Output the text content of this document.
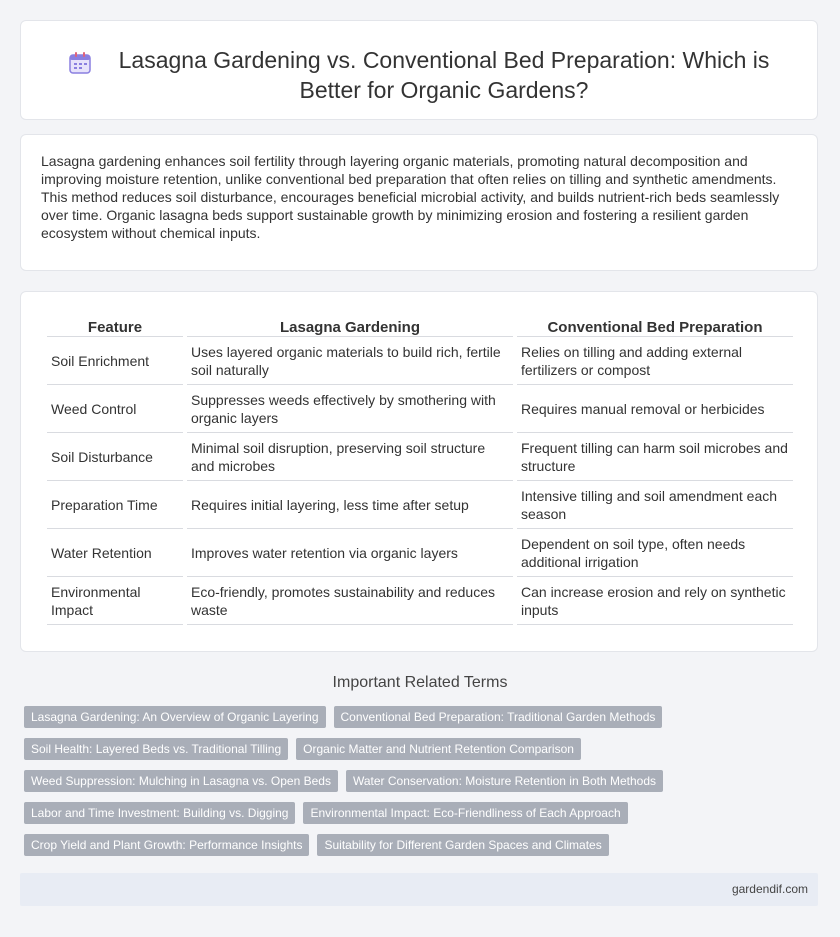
Lasagna Gardening vs. Conventional Bed Preparation: Which is Better for Organic Gardens?

Lasagna gardening enhances soil fertility through layering organic materials, promoting natural decomposition and improving moisture retention, unlike conventional bed preparation that often relies on tilling and synthetic amendments. This method reduces soil disturbance, encourages beneficial microbial activity, and builds nutrient-rich beds seamlessly over time. Organic lasagna beds support sustainable growth by minimizing erosion and fostering a resilient garden ecosystem without chemical inputs.

Feature	Lasagna Gardening	Conventional Bed Preparation
Soil Enrichment	Uses layered organic materials to build rich, fertile soil naturally	Relies on tilling and adding external fertilizers or compost
Weed Control	Suppresses weeds effectively by smothering with organic layers	Requires manual removal or herbicides
Soil Disturbance	Minimal soil disruption, preserving soil structure and microbes	Frequent tilling can harm soil microbes and structure
Preparation Time	Requires initial layering, less time after setup	Intensive tilling and soil amendment each season
Water Retention	Improves water retention via organic layers	Dependent on soil type, often needs additional irrigation
Environmental Impact	Eco-friendly, promotes sustainability and reduces waste	Can increase erosion and rely on synthetic inputs
Important Related Terms
Lasagna Gardening: An Overview of Organic Layering	Conventional Bed Preparation: Traditional Garden Methods
Soil Health: Layered Beds vs. Traditional Tilling	Organic Matter and Nutrient Retention Comparison
Weed Suppression: Mulching in Lasagna vs. Open Beds	Water Conservation: Moisture Retention in Both Methods
Labor and Time Investment: Building vs. Digging	Environmental Impact: Eco-Friendliness of Each Approach
Crop Yield and Plant Growth: Performance Insights	Suitability for Different Garden Spaces and Climates
gardendif.com
